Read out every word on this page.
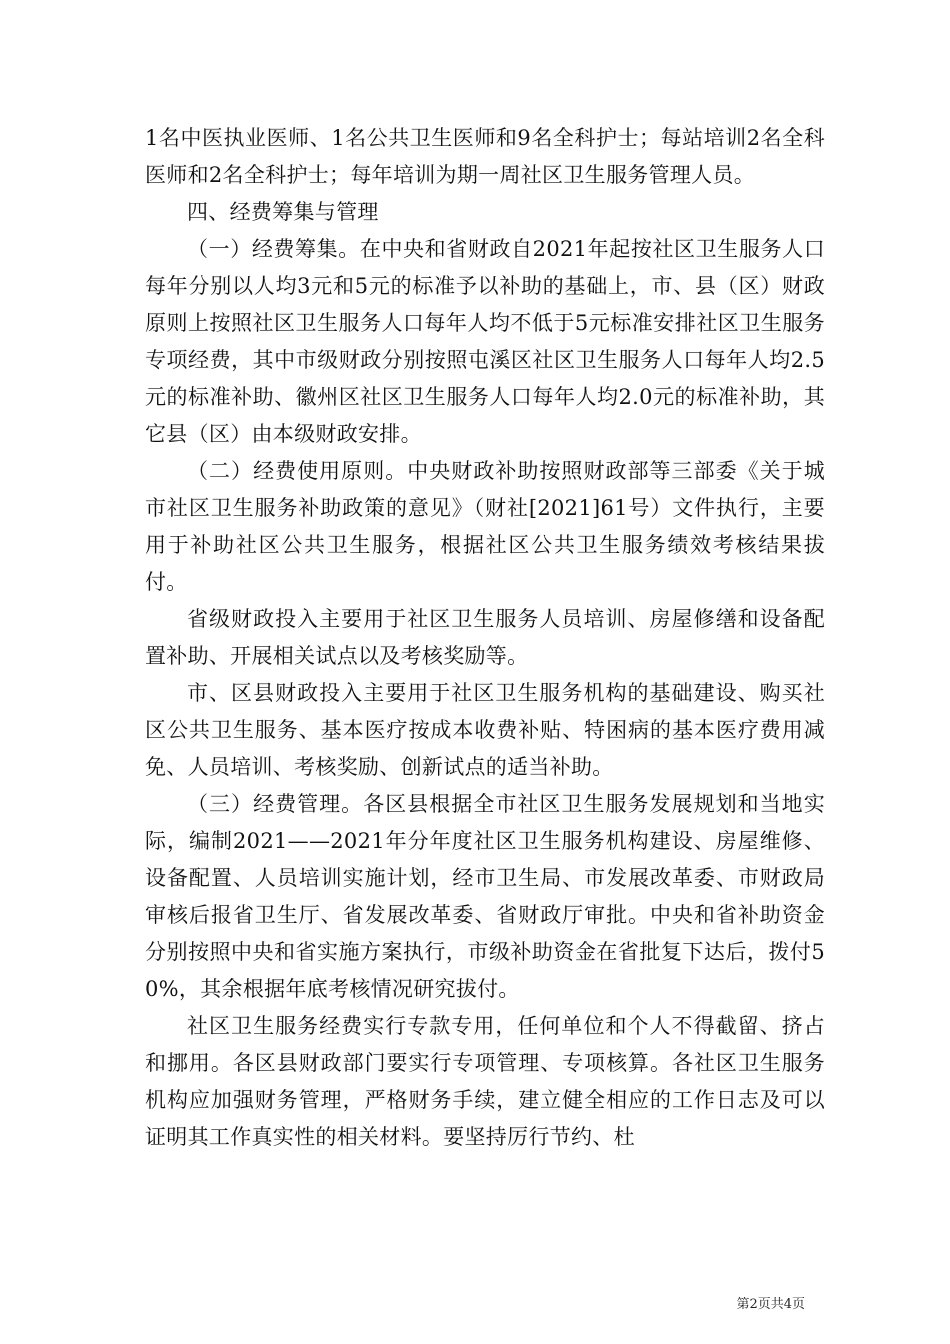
1名中医执业医师、1名公共卫生医师和9名全科护士；每站培训2名全科医师和2名全科护士；每年培训为期一周社区卫生服务管理人员。

四、经费筹集与管理

（一）经费筹集。在中央和省财政自2021年起按社区卫生服务人口每年分别以人均3元和5元的标准予以补助的基础上，市、县（区）财政原则上按照社区卫生服务人口每年人均不低于5元标准安排社区卫生服务专项经费，其中市级财政分别按照屯溪区社区卫生服务人口每年人均2.5元的标准补助、徽州区社区卫生服务人口每年人均2.0元的标准补助，其它县（区）由本级财政安排。

（二）经费使用原则。中央财政补助按照财政部等三部委《关于城市社区卫生服务补助政策的意见》（财社[2021]61号）文件执行，主要用于补助社区公共卫生服务，根据社区公共卫生服务绩效考核结果拔付。

省级财政投入主要用于社区卫生服务人员培训、房屋修缮和设备配置补助、开展相关试点以及考核奖励等。

市、区县财政投入主要用于社区卫生服务机构的基础建设、购买社区公共卫生服务、基本医疗按成本收费补贴、特困病的基本医疗费用减免、人员培训、考核奖励、创新试点的适当补助。

（三）经费管理。各区县根据全市社区卫生服务发展规划和当地实际，编制2021——2021年分年度社区卫生服务机构建设、房屋维修、设备配置、人员培训实施计划，经市卫生局、市发展改革委、市财政局审核后报省卫生厅、省发展改革委、省财政厅审批。中央和省补助资金分别按照中央和省实施方案执行，市级补助资金在省批复下达后，拨付50%，其余根据年底考核情况研究拔付。

社区卫生服务经费实行专款专用，任何单位和个人不得截留、挤占和挪用。各区县财政部门要实行专项管理、专项核算。各社区卫生服务机构应加强财务管理，严格财务手续，建立健全相应的工作日志及可以证明其工作真实性的相关材料。要坚持厉行节约、杜

第2页共4页
